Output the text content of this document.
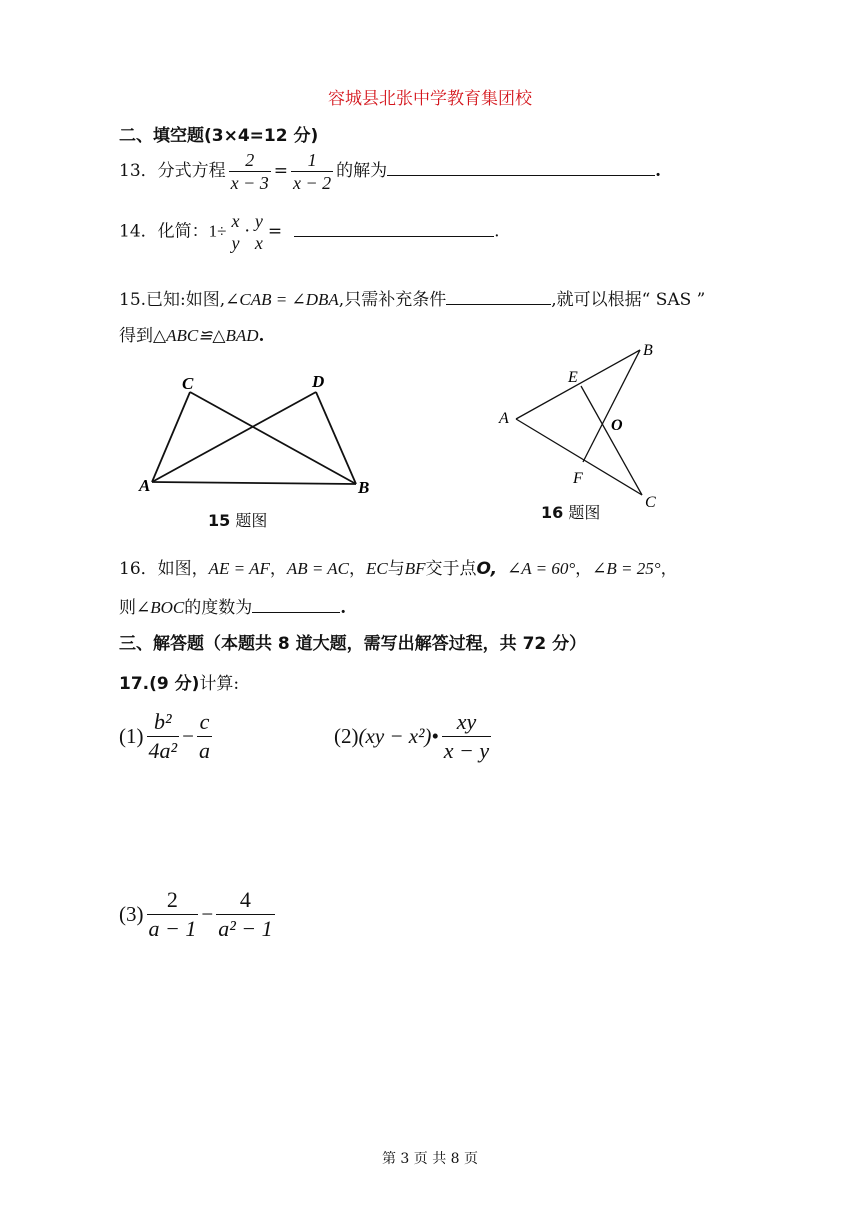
容城县北张中学教育集团校
二、填空题(3×4=12 分)
13．分式方程 $\frac{2}{x - 3} = \frac{1}{x - 2}$ 的解为	.
14．化简：1÷ x
y
·
y
x
=	.
15.已知:如图,∠CAB = ∠DBA,只需补充条件	,就可以根据“ SAS ”
得到△ABC≌△BAD.
C	D
A	B
15 题图
B
E
A	O
F
C
16 题图
16．如图，AE = AF，AB = AC，EC与BF交于点O, ∠A = 60°，∠B = 25°，
则∠BOC的度数为	.
三、解答题（本题共 8 道大题，需写出解答过程，共 72 分）
17.(9 分)计算:
$(1) \frac{\text{b²}}{\text{4a²}} - \frac{c}{a}$	(2)(xy − x²)• $\frac{xy}{x - y}$
$(3) \frac{2}{a - 1} - \frac{4}{\text{a² − 1}}$
第 3 页 共 8 页
